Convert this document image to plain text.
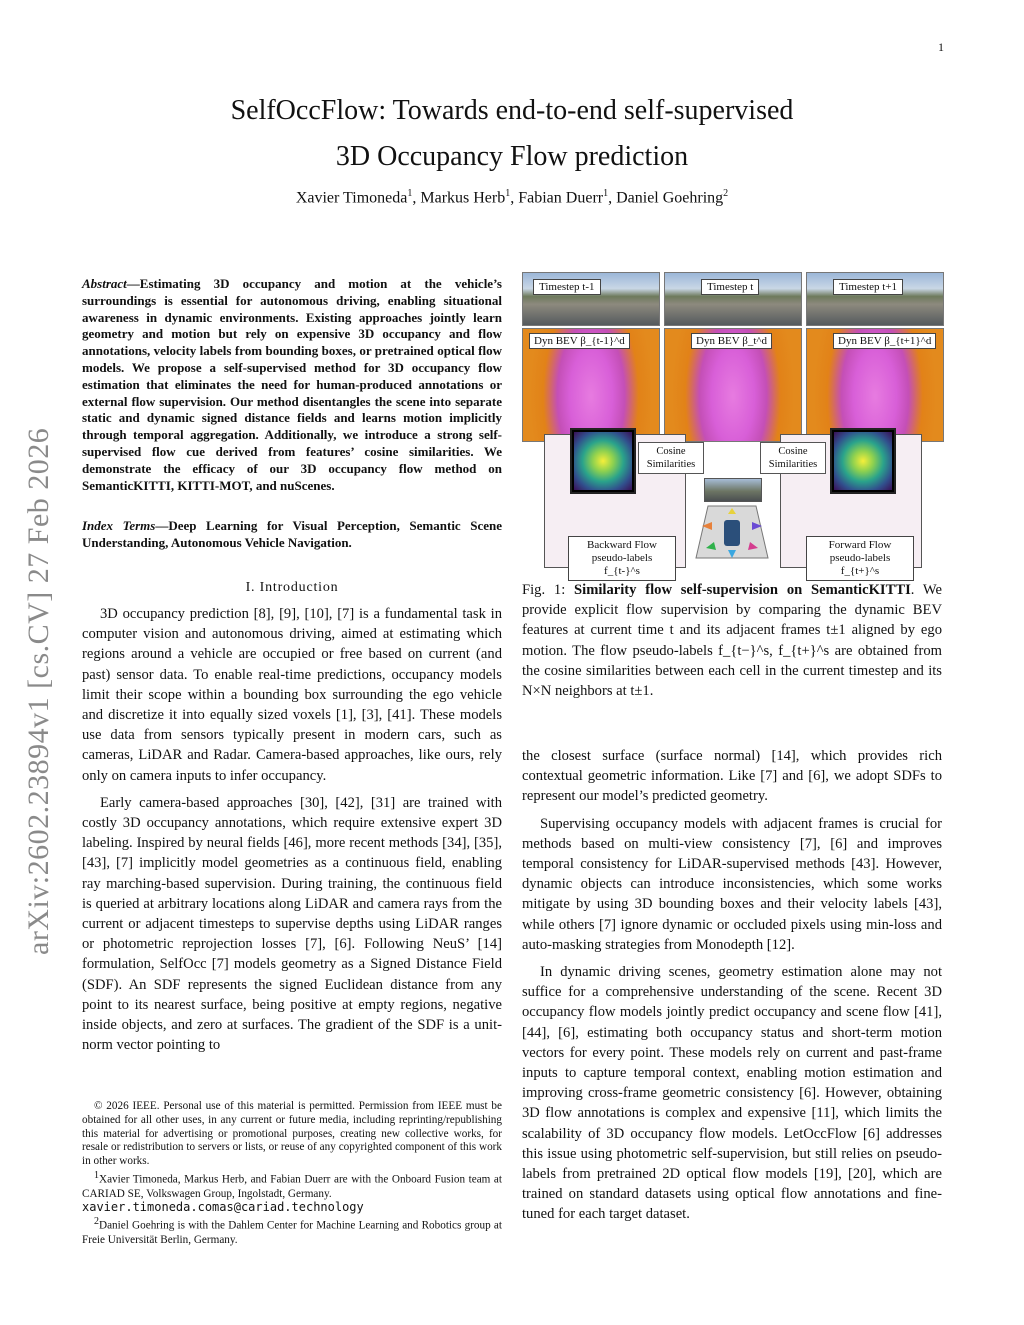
1
arXiv:2602.23894v1 [cs.CV] 27 Feb 2026
SelfOccFlow: Towards end-to-end self-supervised
3D Occupancy Flow prediction
Xavier Timoneda$^1$, Markus Herb$^1$, Fabian Duerr$^1$, Daniel Goehring$^2$
Abstract—Estimating 3D occupancy and motion at the vehicle’s surroundings is essential for autonomous driving, enabling situational awareness in dynamic environments. Existing approaches jointly learn geometry and motion but rely on expensive 3D occupancy and flow annotations, velocity labels from bounding boxes, or pretrained optical flow models. We propose a self-supervised method for 3D occupancy flow estimation that eliminates the need for human-produced annotations or external flow supervision. Our method disentangles the scene into separate static and dynamic signed distance fields and learns motion implicitly through temporal aggregation. Additionally, we introduce a strong self-supervised flow cue derived from features’ cosine similarities. We demonstrate the efficacy of our 3D occupancy flow method on SemanticKITTI, KITTI-MOT, and nuScenes.
Index Terms—Deep Learning for Visual Perception, Semantic Scene Understanding, Autonomous Vehicle Navigation.
I. Introduction

3D occupancy prediction [8], [9], [10], [7] is a fundamental task in computer vision and autonomous driving, aimed at estimating which regions around a vehicle are occupied or free based on current (and past) sensor data. To enable real-time predictions, occupancy models limit their scope within a bounding box surrounding the ego vehicle and discretize it into equally sized voxels [1], [3], [41]. These models use data from sensors typically present in modern cars, such as cameras, LiDAR and Radar. Camera-based approaches, like ours, rely only on camera inputs to infer occupancy.

Early camera-based approaches [30], [42], [31] are trained with costly 3D occupancy annotations, which require extensive expert 3D labeling. Inspired by neural fields [46], more recent methods [34], [35], [43], [7] implicitly model geometries as a continuous field, enabling ray marching-based supervision. During training, the continuous field is queried at arbitrary locations along LiDAR and camera rays from the current or adjacent timesteps to supervise depths using LiDAR ranges or photometric reprojection losses [7], [6]. Following NeuS’ [14] formulation, SelfOcc [7] models geometry as a Signed Distance Field (SDF). An SDF represents the signed Euclidean distance from any point to its nearest surface, being positive at empty regions, negative inside objects, and zero at surfaces. The gradient of the SDF is a unit-norm vector pointing to

© 2026 IEEE. Personal use of this material is permitted. Permission from IEEE must be obtained for all other uses, in any current or future media, including reprinting/republishing this material for advertising or promotional purposes, creating new collective works, for resale or redistribution to servers or lists, or reuse of any copyrighted component of this work in other works.

$^1$Xavier Timoneda, Markus Herb, and Fabian Duerr are with the Onboard Fusion team at CARIAD SE, Volkswagen Group, Ingolstadt, Germany.

xavier.timoneda.comas@cariad.technology

$^2$Daniel Goehring is with the Dahlem Center for Machine Learning and Robotics group at Freie Universität Berlin, Germany.

Timestep t-1	Timestep t	Timestep t+1
Dyn BEV β_{t-1}^d	Dyn BEV β_t^d	Dyn BEV β_{t+1}^d
Cosine Similarities
Cosine Similarities
Backward Flow pseudo-labels f_{t-}^s
Forward Flow pseudo-labels f_{t+}^s
Fig. 1: Similarity flow self-supervision on SemanticKITTI. We provide explicit flow supervision by comparing the dynamic BEV features at current time t and its adjacent frames t±1 aligned by ego motion. The flow pseudo-labels f_{t−}^s, f_{t+}^s are obtained from the cosine similarities between each cell in the current timestep and its N×N neighbors at t±1.

the closest surface (surface normal) [14], which provides rich contextual geometric information. Like [7] and [6], we adopt SDFs to represent our model’s predicted geometry.

Supervising occupancy models with adjacent frames is crucial for methods based on multi-view consistency [7], [6] and improves temporal consistency for LiDAR-supervised methods [43]. However, dynamic objects can introduce inconsistencies, which some works mitigate by using 3D bounding boxes and their velocity labels [43], while others [7] ignore dynamic or occluded pixels using min-loss and auto-masking strategies from Monodepth [12].

In dynamic driving scenes, geometry estimation alone may not suffice for a comprehensive understanding of the scene. Recent 3D occupancy flow models jointly predict occupancy and scene flow [41], [44], [6], estimating both occupancy status and short-term motion vectors for every point. These models rely on current and past-frame inputs to capture temporal context, enabling motion estimation and improving cross-frame geometric consistency [6]. However, obtaining 3D flow annotations is complex and expensive [11], which limits the scalability of 3D occupancy flow models. LetOccFlow [6] addresses this issue using photometric self-supervision, but still relies on pseudo-labels from pretrained 2D optical flow models [19], [20], which are trained on standard datasets using optical flow annotations and fine-tuned for each target dataset.
